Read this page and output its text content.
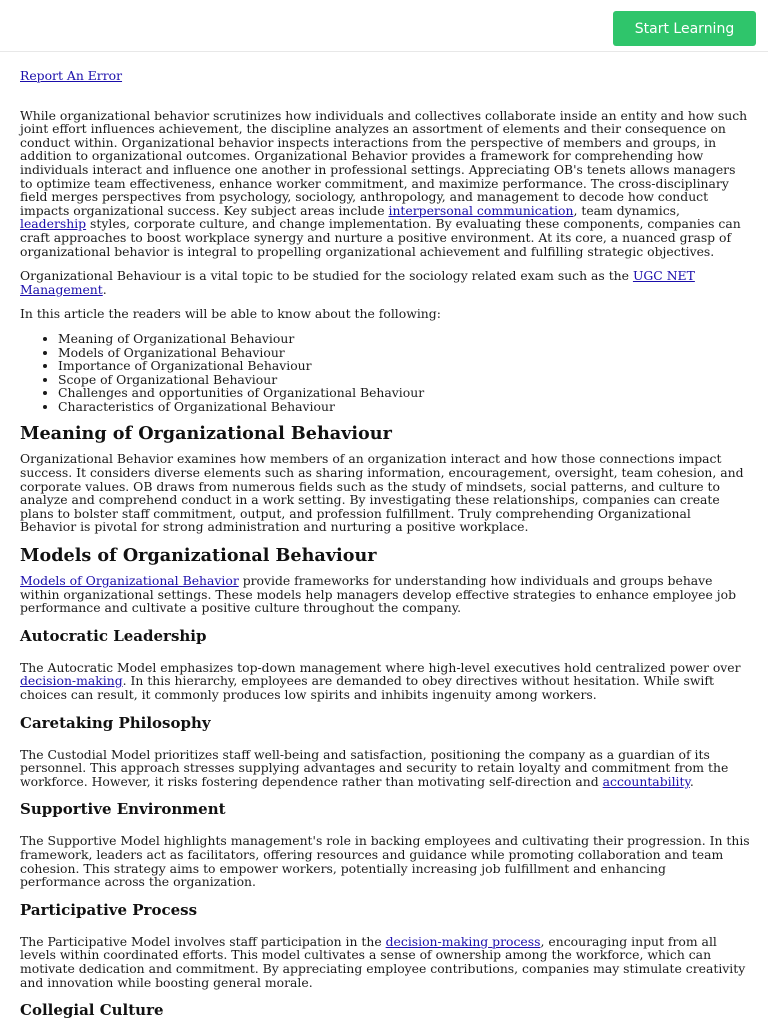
Start Learning

Report An Error

While organizational behavior scrutinizes how individuals and collectives collaborate inside an entity and how such joint effort influences achievement, the discipline analyzes an assortment of elements and their consequence on conduct within. Organizational behavior inspects interactions from the perspective of members and groups, in addition to organizational outcomes. Organizational Behavior provides a framework for comprehending how individuals interact and influence one another in professional settings. Appreciating OB's tenets allows managers to optimize team effectiveness, enhance worker commitment, and maximize performance. The cross-disciplinary field merges perspectives from psychology, sociology, anthropology, and management to decode how conduct impacts organizational success. Key subject areas include interpersonal communication, team dynamics, leadership styles, corporate culture, and change implementation. By evaluating these components, companies can craft approaches to boost workplace synergy and nurture a positive environment. At its core, a nuanced grasp of organizational behavior is integral to propelling organizational achievement and fulfilling strategic objectives.

Organizational Behaviour is a vital topic to be studied for the sociology related exam such as the UGC NET Management.

In this article the readers will be able to know about the following:

• Meaning of Organizational Behaviour
• Models of Organizational Behaviour
• Importance of Organizational Behaviour
• Scope of Organizational Behaviour
• Challenges and opportunities of Organizational Behaviour
• Characteristics of Organizational Behaviour
Meaning of Organizational Behaviour

Organizational Behavior examines how members of an organization interact and how those connections impact success. It considers diverse elements such as sharing information, encouragement, oversight, team cohesion, and corporate values. OB draws from numerous fields such as the study of mindsets, social patterns, and culture to analyze and comprehend conduct in a work setting. By investigating these relationships, companies can create plans to bolster staff commitment, output, and profession fulfillment. Truly comprehending Organizational Behavior is pivotal for strong administration and nurturing a positive workplace.

Models of Organizational Behaviour

Models of Organizational Behavior provide frameworks for understanding how individuals and groups behave within organizational settings. These models help managers develop effective strategies to enhance employee job performance and cultivate a positive culture throughout the company.

Autocratic Leadership

The Autocratic Model emphasizes top-down management where high-level executives hold centralized power over decision-making. In this hierarchy, employees are demanded to obey directives without hesitation. While swift choices can result, it commonly produces low spirits and inhibits ingenuity among workers.

Caretaking Philosophy

The Custodial Model prioritizes staff well-being and satisfaction, positioning the company as a guardian of its personnel. This approach stresses supplying advantages and security to retain loyalty and commitment from the workforce. However, it risks fostering dependence rather than motivating self-direction and accountability.

Supportive Environment

The Supportive Model highlights management's role in backing employees and cultivating their progression. In this framework, leaders act as facilitators, offering resources and guidance while promoting collaboration and team cohesion. This strategy aims to empower workers, potentially increasing job fulfillment and enhancing performance across the organization.

Participative Process

The Participative Model involves staff participation in the decision-making process, encouraging input from all levels within coordinated efforts. This model cultivates a sense of ownership among the workforce, which can motivate dedication and commitment. By appreciating employee contributions, companies may stimulate creativity and innovation while boosting general morale.

Collegial Culture
